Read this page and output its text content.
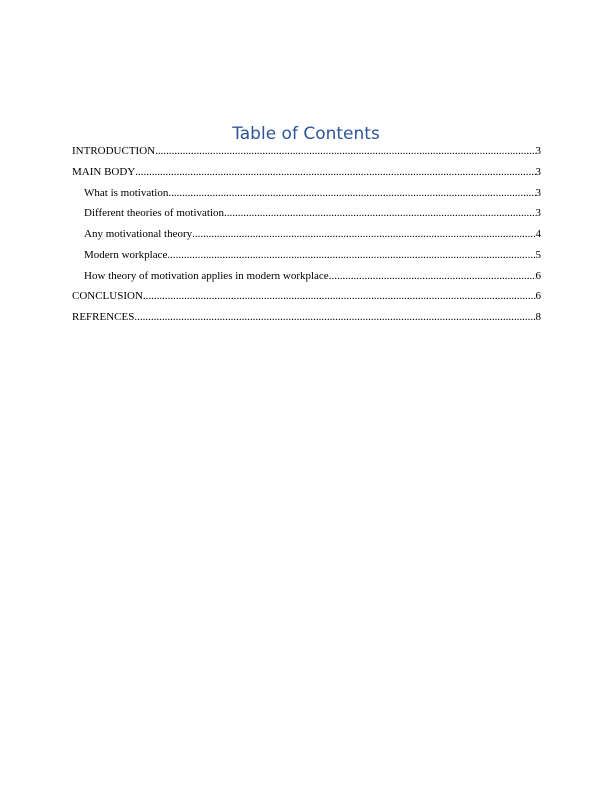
Table of Contents
INTRODUCTION .....	3
MAIN BODY .....	3
What is motivation .....	3
Different theories of motivation .....	3
Any motivational theory .....	4
Modern workplace .....	5
How theory of motivation applies in modern workplace .....	6
CONCLUSION .....	6
REFRENCES .....	8
